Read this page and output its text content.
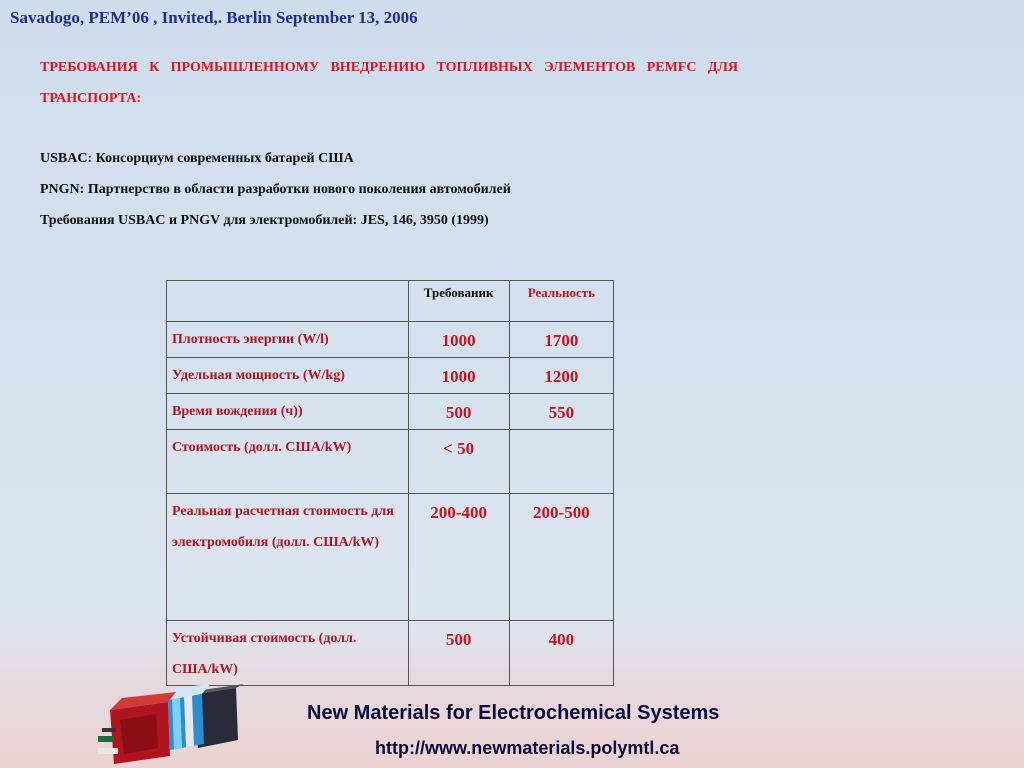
Savadogo, PEM’06 , Invited,. Berlin September 13, 2006
ТРЕБОВАНИЯ К ПРОМЫШЛЕННОМУ ВНЕДРЕНИЮ ТОПЛИВНЫХ ЭЛЕМЕНТОВ PEMFC ДЛЯ ТРАНСПОРТА:
USBAC: Консорциум современных батарей США
PNGN: Партнерство в области разработки нового поколения автомобилей
Требования USBAC и PNGV для электромобилей: JES, 146, 3950 (1999)
	Требованик	Реальность
Плотность энергии (W/l)	1000	1700
Удельная мощность (W/kg)	1000	1200
Время вождения (ч))	500	550
Стоимость (долл. США/kW)	< 50	
Реальная расчетная стоимость для электромобиля (долл. США/kW)	200-400	200-500
Устойчивая стоимость (долл. США/kW)	500	400
New Materials for Electrochemical Systems
http://www.newmaterials.polymtl.ca
